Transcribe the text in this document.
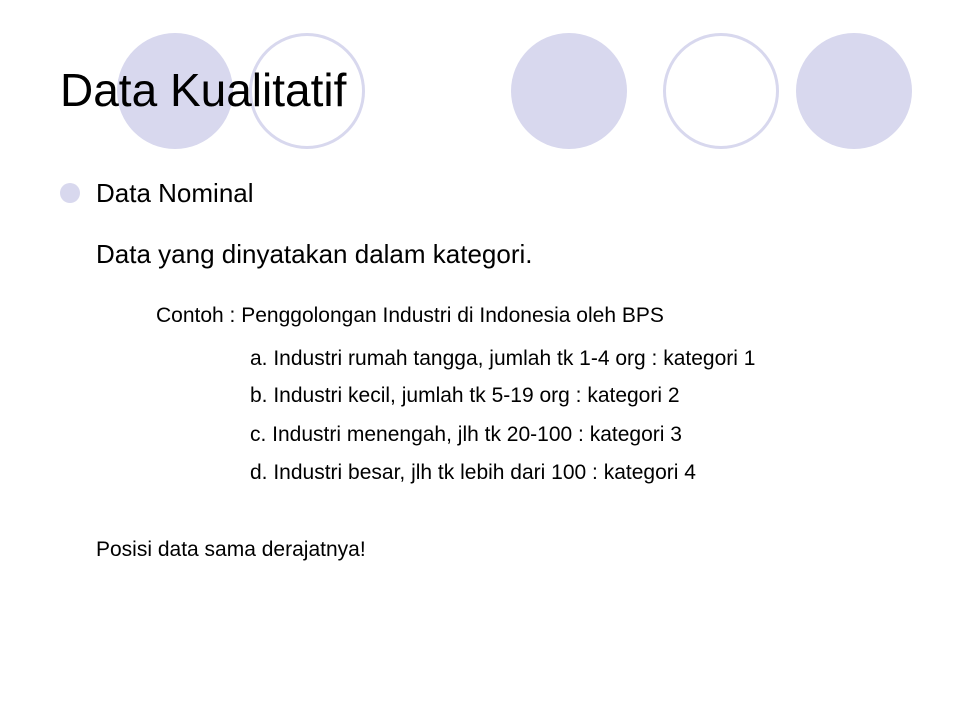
Data Kualitatif
Data Nominal
Data yang dinyatakan dalam kategori.
Contoh : Penggolongan Industri di Indonesia oleh BPS
a. Industri rumah tangga, jumlah tk 1-4 org : kategori 1
b. Industri kecil, jumlah tk 5-19 org : kategori 2
c. Industri menengah, jlh tk 20-100 : kategori 3
d. Industri besar, jlh tk lebih dari 100 : kategori 4
Posisi data sama derajatnya!
